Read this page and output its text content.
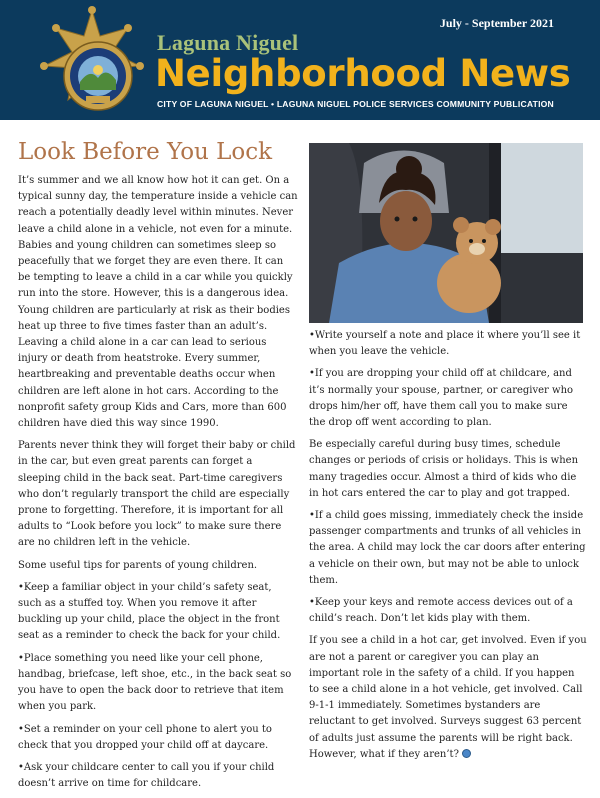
July - September 2021
Laguna Niguel
Neighborhood News
CITY OF LAGUNA NIGUEL • LAGUNA NIGUEL POLICE SERVICES COMMUNITY PUBLICATION
Look Before You Lock

It’s summer and we all know how hot it can get. On a typical sunny day, the temperature inside a vehicle can reach a potentially deadly level within minutes. Never leave a child alone in a vehicle, not even for a minute. Babies and young children can sometimes sleep so peacefully that we forget they are even there. It can be tempting to leave a child in a car while you quickly run into the store. However, this is a dangerous idea. Young children are particularly at risk as their bodies heat up three to five times faster than an adult’s. Leaving a child alone in a car can lead to serious injury or death from heatstroke. Every summer, heartbreaking and preventable deaths occur when children are left alone in hot cars. According to the nonprofit safety group Kids and Cars, more than 600 children have died this way since 1990.

Parents never think they will forget their baby or child in the car, but even great parents can forget a sleeping child in the back seat. Part-time caregivers who don’t regularly transport the child are especially prone to forgetting. Therefore, it is important for all adults to “Look before you lock” to make sure there are no children left in the vehicle.

Some useful tips for parents of young children.

•Keep a familiar object in your child’s safety seat, such as a stuffed toy. When you remove it after buckling up your child, place the object in the front seat as a reminder to check the back for your child.

•Place something you need like your cell phone, handbag, briefcase, left shoe, etc., in the back seat so you have to open the back door to retrieve that item when you park.

•Set a reminder on your cell phone to alert you to check that you dropped your child off at daycare.

•Ask your childcare center to call you if your child doesn’t arrive on time for childcare.

•Write yourself a note and place it where you’ll see it when you leave the vehicle.

•If you are dropping your child off at childcare, and it’s normally your spouse, partner, or caregiver who drops him/her off, have them call you to make sure the drop off went according to plan.

Be especially careful during busy times, schedule changes or periods of crisis or holidays. This is when many tragedies occur. Almost a third of kids who die in hot cars entered the car to play and got trapped.

•If a child goes missing, immediately check the inside passenger compartments and trunks of all vehicles in the area. A child may lock the car doors after entering a vehicle on their own, but may not be able to unlock them.

•Keep your keys and remote access devices out of a child’s reach. Don’t let kids play with them.

If you see a child in a hot car, get involved. Even if you are not a parent or caregiver you can play an important role in the safety of a child. If you happen to see a child alone in a hot vehicle, get involved. Call 9-1-1 immediately. Sometimes bystanders are reluctant to get involved. Surveys suggest 63 percent of adults just assume the parents will be right back. However, what if they aren’t?
